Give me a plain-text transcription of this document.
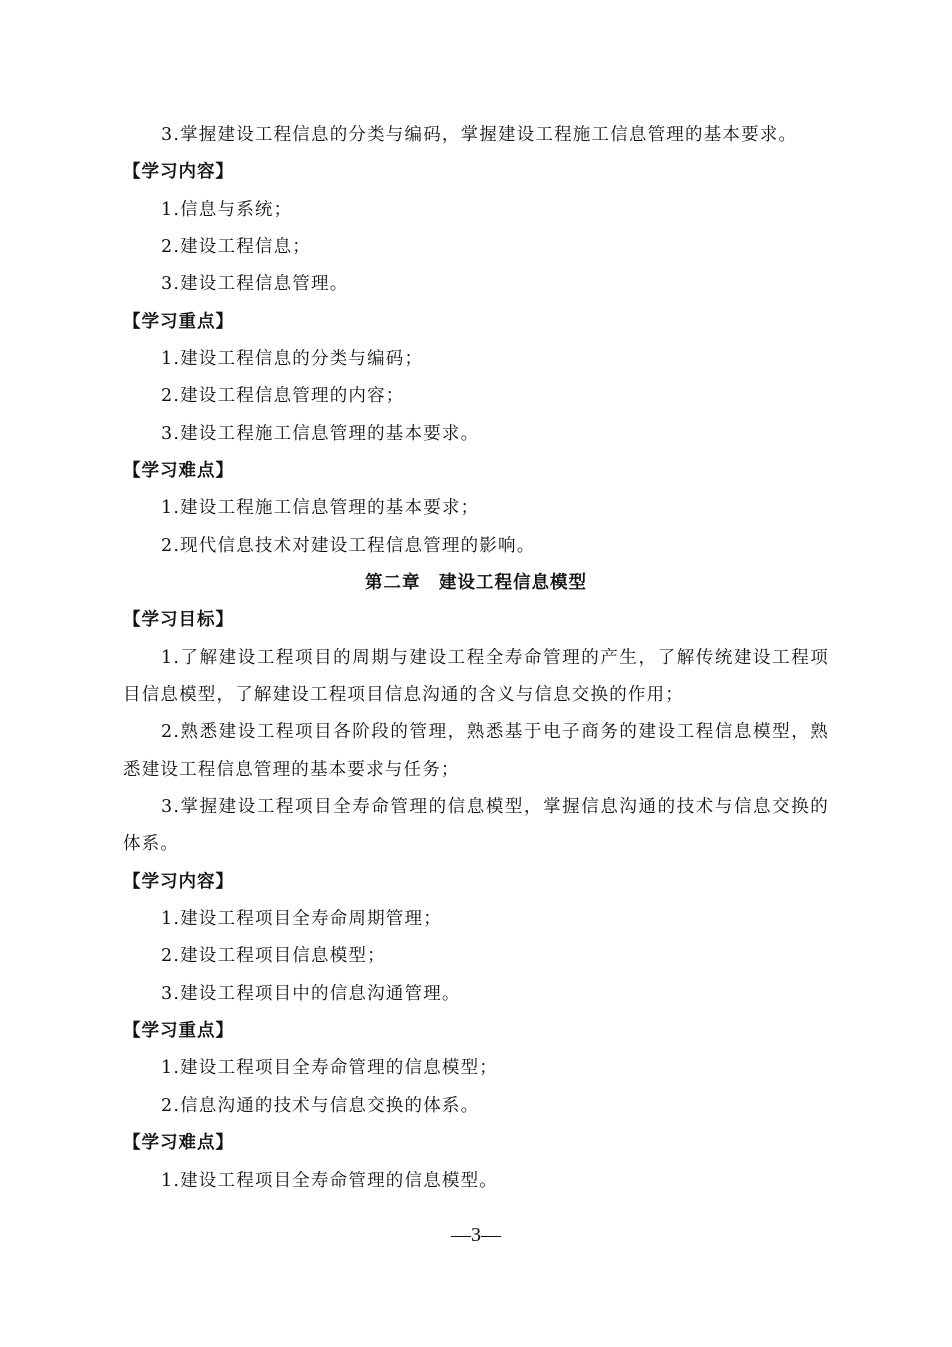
3.掌握建设工程信息的分类与编码，掌握建设工程施工信息管理的基本要求。
【学习内容】
1.信息与系统；
2.建设工程信息；
3.建设工程信息管理。
【学习重点】
1.建设工程信息的分类与编码；
2.建设工程信息管理的内容；
3.建设工程施工信息管理的基本要求。
【学习难点】
1.建设工程施工信息管理的基本要求；
2.现代信息技术对建设工程信息管理的影响。
第二章　建设工程信息模型
【学习目标】
1.了解建设工程项目的周期与建设工程全寿命管理的产生，了解传统建设工程项
目信息模型，了解建设工程项目信息沟通的含义与信息交换的作用；
2.熟悉建设工程项目各阶段的管理，熟悉基于电子商务的建设工程信息模型，熟
悉建设工程信息管理的基本要求与任务；
3.掌握建设工程项目全寿命管理的信息模型，掌握信息沟通的技术与信息交换的
体系。
【学习内容】
1.建设工程项目全寿命周期管理；
2.建设工程项目信息模型；
3.建设工程项目中的信息沟通管理。
【学习重点】
1.建设工程项目全寿命管理的信息模型；
2.信息沟通的技术与信息交换的体系。
【学习难点】
1.建设工程项目全寿命管理的信息模型。
—3—
